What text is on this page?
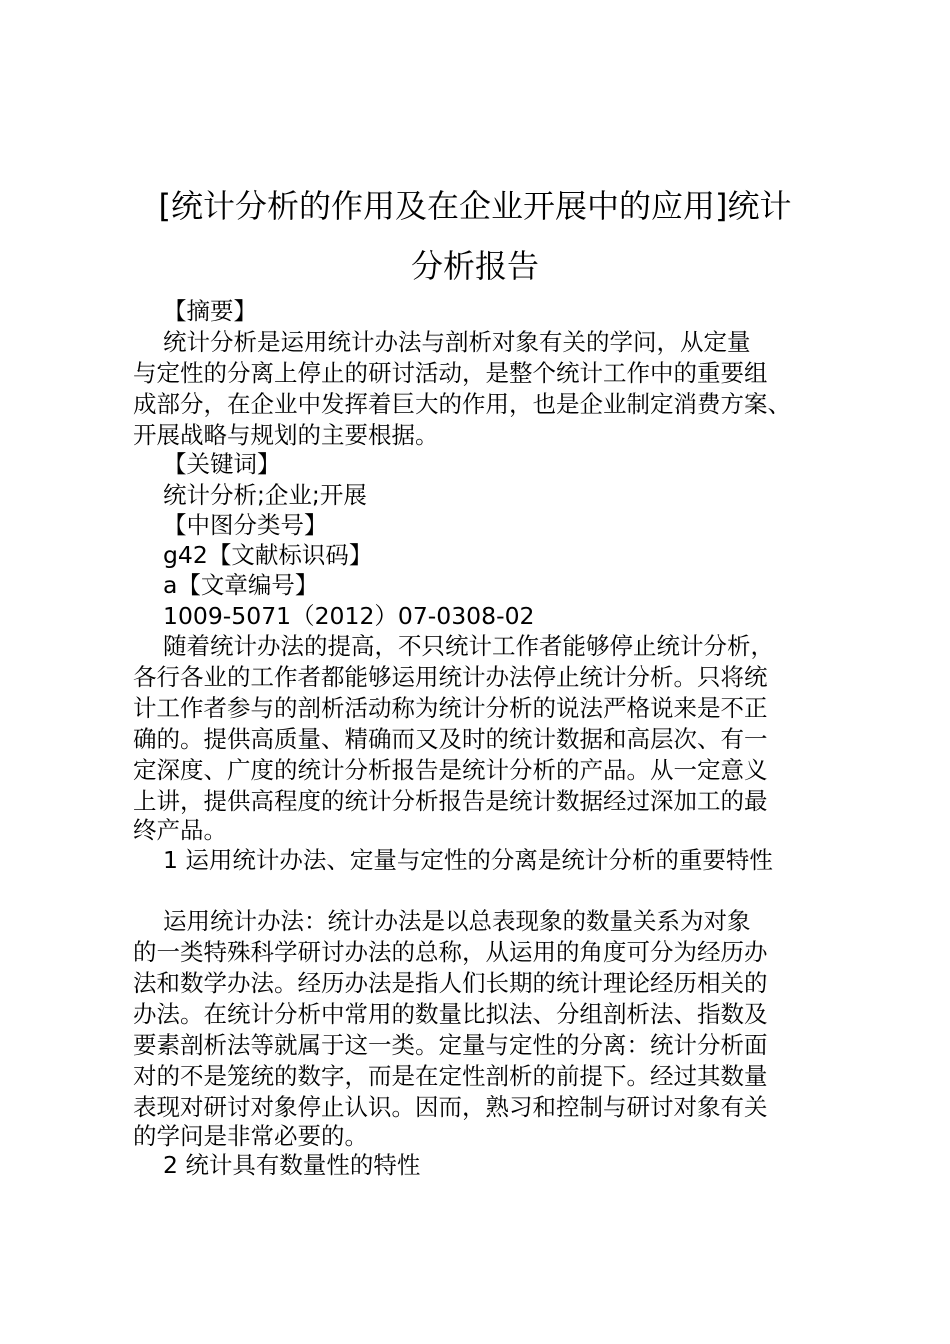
[统计分析的作用及在企业开展中的应用]统计
分析报告
【摘要】
统计分析是运用统计办法与剖析对象有关的学问，从定量
与定性的分离上停止的研讨活动，是整个统计工作中的重要组
成部分，在企业中发挥着巨大的作用，也是企业制定消费方案、
开展战略与规划的主要根据。
【关键词】
统计分析;企业;开展
【中图分类号】
g42【文献标识码】
a【文章编号】
1009-5071（2012）07-0308-02
随着统计办法的提高，不只统计工作者能够停止统计分析，
各行各业的工作者都能够运用统计办法停止统计分析。只将统
计工作者参与的剖析活动称为统计分析的说法严格说来是不正
确的。提供高质量、精确而又及时的统计数据和高层次、有一
定深度、广度的统计分析报告是统计分析的产品。从一定意义
上讲，提供高程度的统计分析报告是统计数据经过深加工的最
终产品。
1 运用统计办法、定量与定性的分离是统计分析的重要特性
运用统计办法：统计办法是以总表现象的数量关系为对象
的一类特殊科学研讨办法的总称，从运用的角度可分为经历办
法和数学办法。经历办法是指人们长期的统计理论经历相关的
办法。在统计分析中常用的数量比拟法、分组剖析法、指数及
要素剖析法等就属于这一类。定量与定性的分离：统计分析面
对的不是笼统的数字，而是在定性剖析的前提下。经过其数量
表现对研讨对象停止认识。因而，熟习和控制与研讨对象有关
的学问是非常必要的。
2 统计具有数量性的特性
